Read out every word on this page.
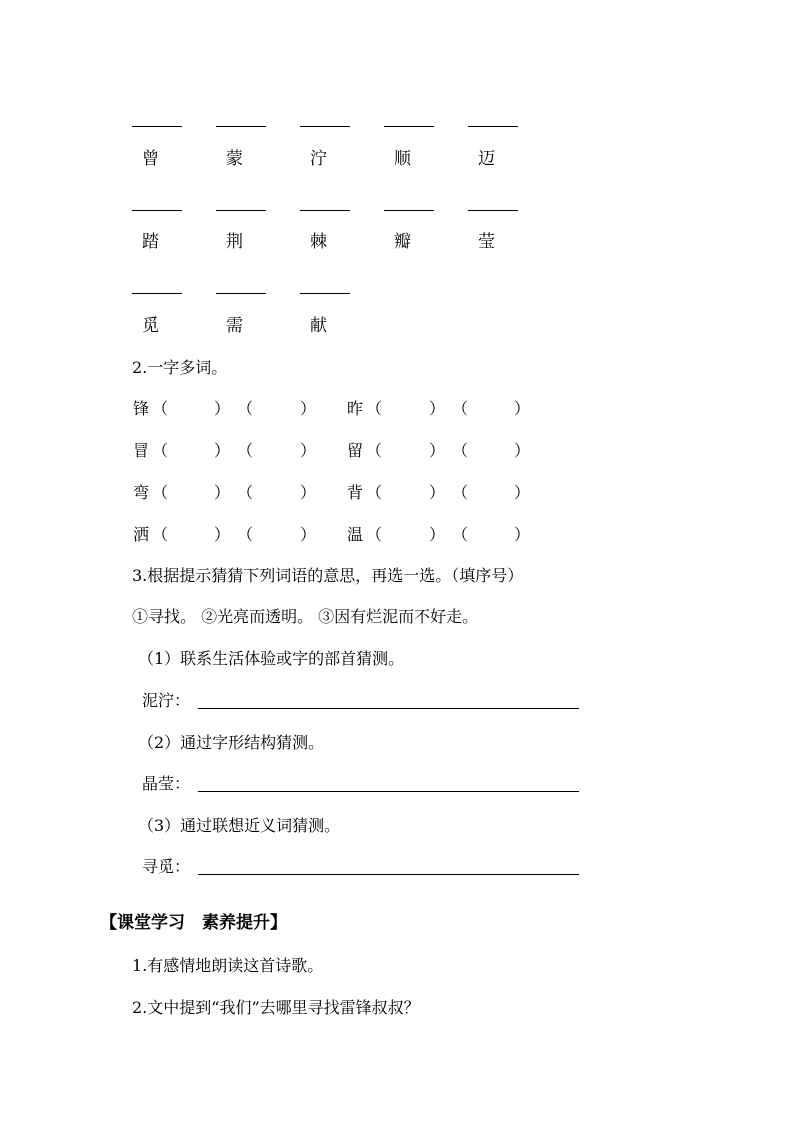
曾	蒙	泞	顺	迈
踏	荆	棘	瓣	莹
觅	需	献
2.一字多词。
锋 （	） （	） 昨 （	） （	）
冒 （	） （	） 留 （	） （	）
弯 （	） （	） 背 （	） （	）
洒 （	） （	） 温 （	） （	）
3.根据提示猜猜下列词语的意思，再选一选。（填序号）
①寻找。 ②光亮而透明。 ③因有烂泥而不好走。
（1）联系生活体验或字的部首猜测。
泥泞：
（2）通过字形结构猜测。
晶莹：
（3）通过联想近义词猜测。
寻觅：
【课堂学习　素养提升】
1.有感情地朗读这首诗歌。
2.文中提到“我们”去哪里寻找雷锋叔叔？
